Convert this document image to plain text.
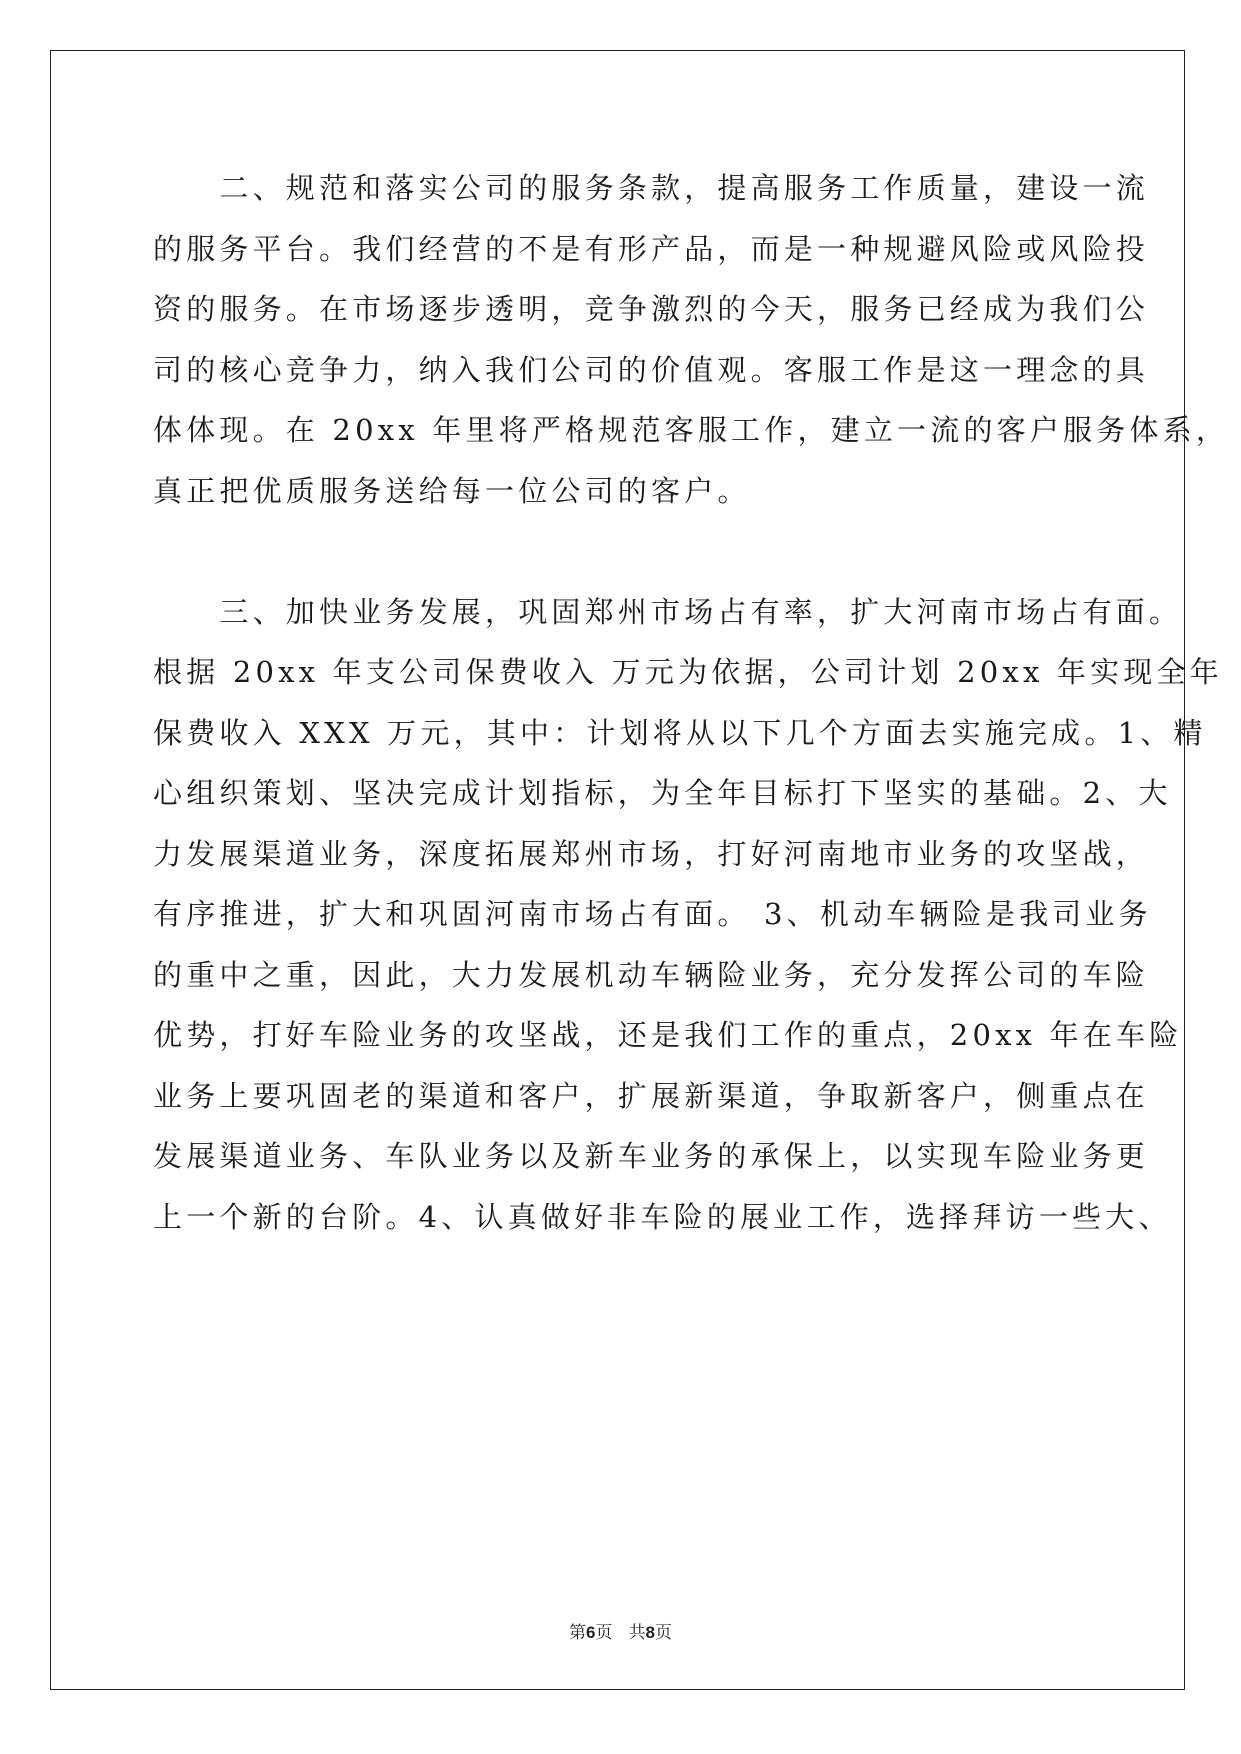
　　二、规范和落实公司的服务条款，提高服务工作质量，建设一流
的服务平台。我们经营的不是有形产品，而是一种规避风险或风险投
资的服务。在市场逐步透明，竞争激烈的今天，服务已经成为我们公
司的核心竞争力，纳入我们公司的价值观。客服工作是这一理念的具
体体现。在 20xx 年里将严格规范客服工作，建立一流的客户服务体系，
真正把优质服务送给每一位公司的客户。
　　三、加快业务发展，巩固郑州市场占有率，扩大河南市场占有面。
根据 20xx 年支公司保费收入 万元为依据，公司计划 20xx 年实现全年
保费收入 XXX 万元，其中：计划将从以下几个方面去实施完成。1、精
心组织策划、坚决完成计划指标，为全年目标打下坚实的基础。2、大
力发展渠道业务，深度拓展郑州市场，打好河南地市业务的攻坚战，
有序推进，扩大和巩固河南市场占有面。 3、机动车辆险是我司业务
的重中之重，因此，大力发展机动车辆险业务，充分发挥公司的车险
优势，打好车险业务的攻坚战，还是我们工作的重点，20xx 年在车险
业务上要巩固老的渠道和客户，扩展新渠道，争取新客户，侧重点在
发展渠道业务、车队业务以及新车业务的承保上，以实现车险业务更
上一个新的台阶。4、认真做好非车险的展业工作，选择拜访一些大、
第6页 共8页
